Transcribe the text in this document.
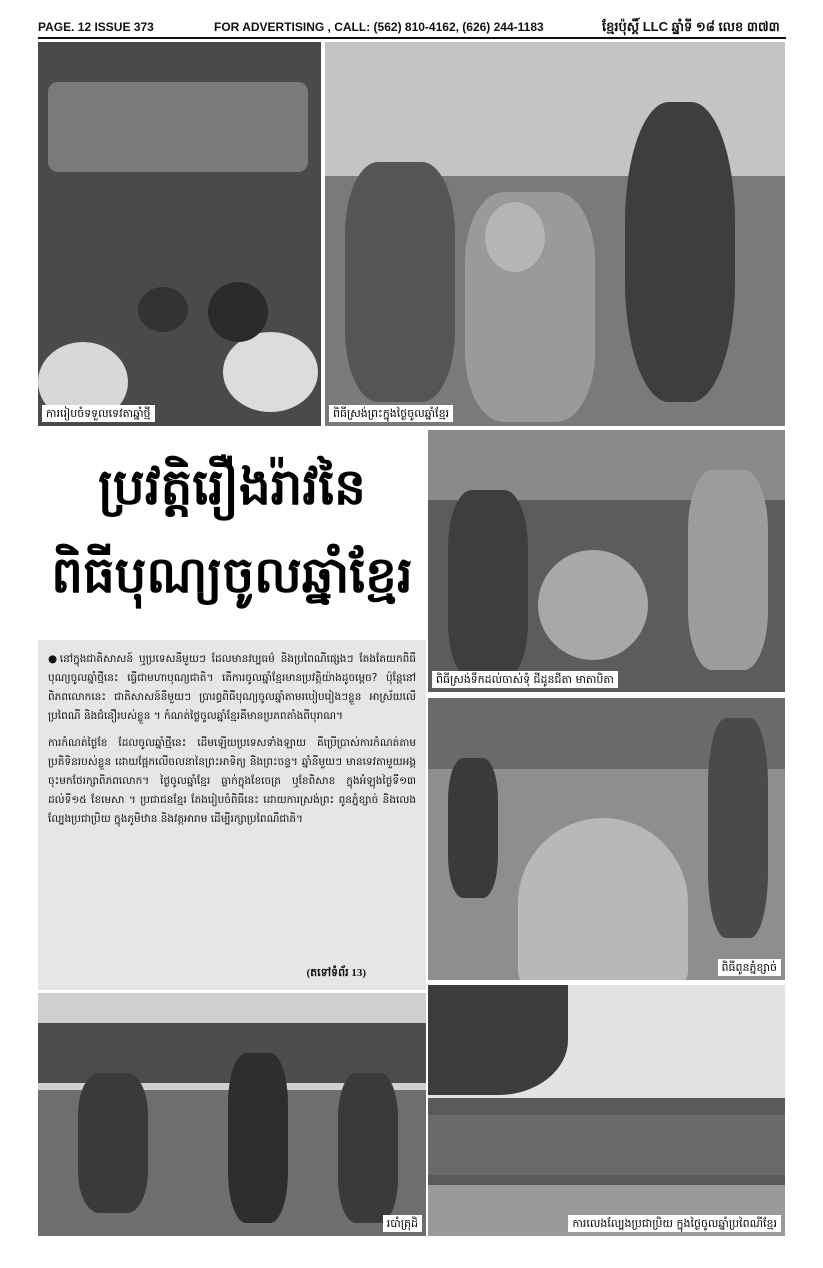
PAGE. 12 ISSUE 373	FOR ADVERTISING , CALL: (562) 810-4162, (626) 244-1183	ខ្មែរប៉ុស្តិ៍ LLC ឆ្នាំទី ១៨ លេខ ៣៧៣
ការរៀបចំទទួលទេវតាឆ្នាំថ្មី	ពិធីស្រង់ព្រះក្នុងថ្ងៃចូលឆ្នាំខ្មែរ
ប្រវត្តិរឿងរ៉ាវនៃ
ពិធីបុណ្យចូលឆ្នាំខ្មែរ
ពិធីស្រង់ទឹកដល់ចាស់ទុំ ជីដូនជីតា មាតាបិតា

●នៅក្នុងជាតិសាសន៍ ឬប្រទេសនីមួយៗ ដែលមានវប្បធម៌ និងប្រពៃណីផ្សេងៗ តែងតែយកពិធីបុណ្យចូលឆ្នាំថ្មីនេះ ធ្វើជាមហាបុណ្យជាតិ។ តើការចូលឆ្នាំខ្មែរមានប្រវត្តិយ៉ាងដូចម្ដេច? ប៉ុន្តែនៅពិភពលោកនេះ ជាតិសាសន៍នីមួយៗ ប្រារព្ធពិធីបុណ្យចូលឆ្នាំតាមរបៀបរៀងៗខ្លួន អាស្រ័យលើប្រពៃណី និងជំនឿរបស់ខ្លួន ។ កំណត់ថ្ងៃចូលឆ្នាំខ្មែរគឺមានប្រភពតាំងពីបុរាណ។

ការកំណត់ថ្ងៃខែ ដែលចូលឆ្នាំថ្មីនេះ ដើមឡើយប្រទេសទាំងឡាយ គឺប្រើប្រាស់ការកំណត់តាមប្រតិទិនរបស់ខ្លួន ដោយផ្អែកលើចលនានៃព្រះអាទិត្យ និងព្រះចន្ទ។ ឆ្នាំនីមួយៗ មានទេវតាមួយអង្គ ចុះមកថែរក្សាពិភពលោក។ ថ្ងៃចូលឆ្នាំខ្មែរ ធ្លាក់ក្នុងខែចេត្រ ឬខែពិសាខ ក្នុងអំឡុងថ្ងៃទី១៣ ដល់ទី១៥ ខែមេសា ។ ប្រជាជនខ្មែរ តែងរៀបចំពិធីនេះ ដោយការស្រង់ព្រះ ពូនភ្នំខ្សាច់ និងលេងល្បែងប្រជាប្រិយ ក្នុងភូមិឋាន និងវត្តអារាម ដើម្បីរក្សាប្រពៃណីជាតិ។

(តទៅទំព័រ 13)	ពិធីពូនភ្នំខ្សាច់
របាំត្រុដិ	ការលេងល្បែងប្រជាប្រិយ ក្នុងថ្ងៃចូលឆ្នាំប្រពៃណីខ្មែរ
